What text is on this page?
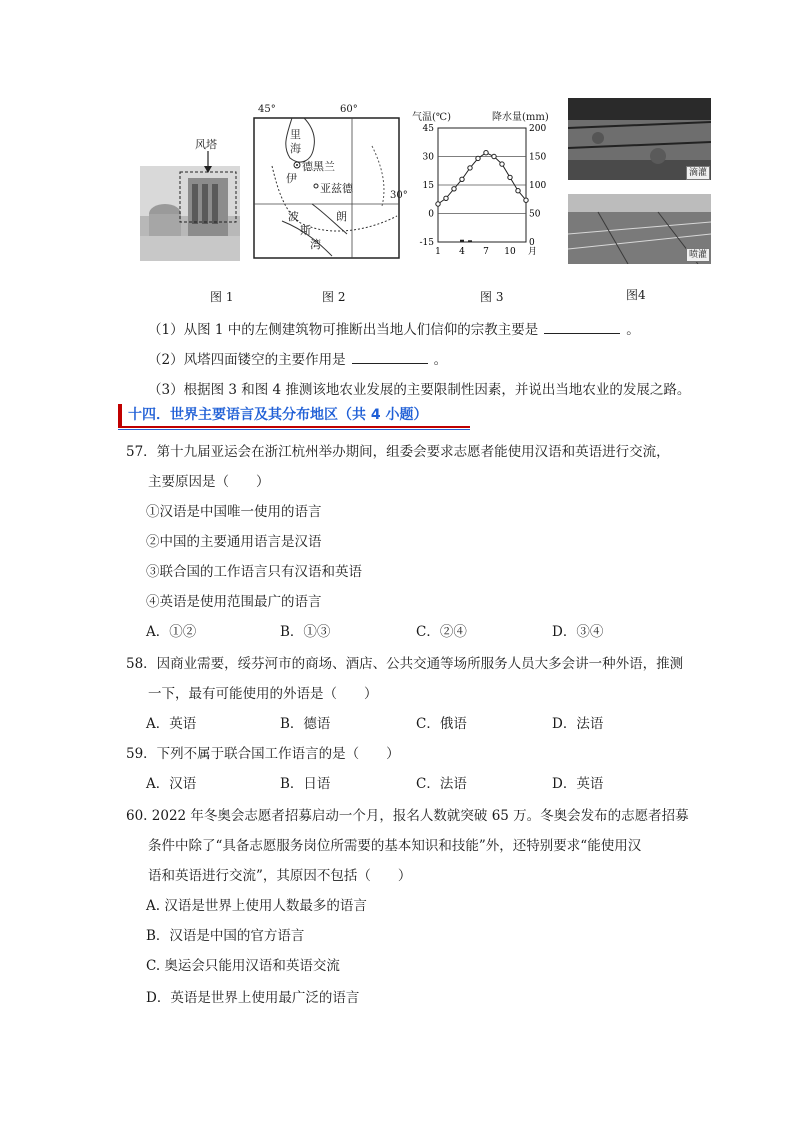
风塔
45°	60°
30°
里
海
德黑兰
伊
亚兹德
波	朗
斯
湾
气温(℃)	降水量(mm)
45
30
15
0
-15
200
150
100
50
0
1 4 7 10 月
滴灌
喷灌
图 1	图 2	图 3	图4
（1）从图 1 中的左侧建筑物可推断出当地人们信仰的宗教主要是	。
（2）风塔四面镂空的主要作用是	。
（3）根据图 3 和图 4 推测该地农业发展的主要限制性因素，并说出当地农业的发展之路。
十四．世界主要语言及其分布地区（共 4 小题）
57．第十九届亚运会在浙江杭州举办期间，组委会要求志愿者能使用汉语和英语进行交流，
主要原因是（　　）
①汉语是中国唯一使用的语言
②中国的主要通用语言是汉语
③联合国的工作语言只有汉语和英语
④英语是使用范围最广的语言
A．①②	B．①③	C．②④	D．③④
58．因商业需要，绥芬河市的商场、酒店、公共交通等场所服务人员大多会讲一种外语，推测
一下，最有可能使用的外语是（　　）
A．英语	B．德语	C．俄语	D．法语
59．下列不属于联合国工作语言的是（　　）
A．汉语	B．日语	C．法语	D．英语
60. 2022 年冬奥会志愿者招募启动一个月，报名人数就突破 65 万。冬奥会发布的志愿者招募
条件中除了“具备志愿服务岗位所需要的基本知识和技能”外，还特别要求“能使用汉
语和英语进行交流”，其原因不包括（　　）
A. 汉语是世界上使用人数最多的语言
B．汉语是中国的官方语言
C. 奥运会只能用汉语和英语交流
D．英语是世界上使用最广泛的语言
